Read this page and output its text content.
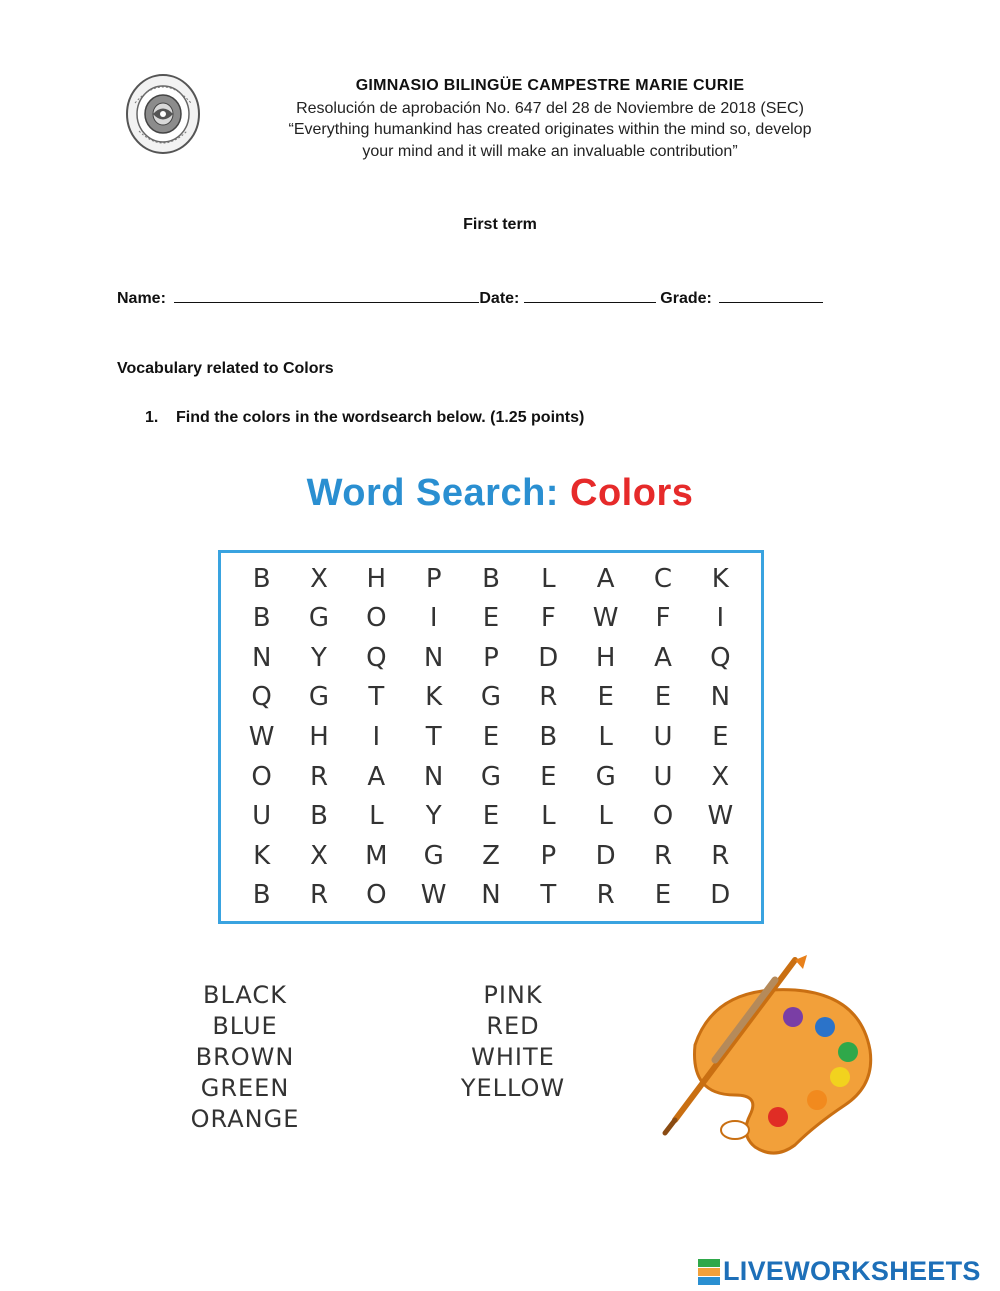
GIMNASIO BILINGÜE CAMPESTRE MARIE CURIE
Resolución de aprobación No. 647 del 28 de Noviembre de 2018 (SEC)
“Everything humankind has created originates within the mind so, develop
your mind and it will make an invaluable contribution”
First term
Name:	Date:	Grade:
Vocabulary related to Colors
1. Find the colors in the wordsearch below. (1.25 points)
Word Search: Colors
B	X	H	P	B	L	A	C	K
B	G	O	I	E	F	W	F	I
N	Y	Q	N	P	D	H	A	Q
Q	G	T	K	G	R	E	E	N
W	H	I	T	E	B	L	U	E
O	R	A	N	G	E	G	U	X
U	B	L	Y	E	L	L	O	W
K	X	M	G	Z	P	D	R	R
B	R	O	W	N	T	R	E	D
BLACK
BLUE
BROWN
GREEN
ORANGE
PINK
RED
WHITE
YELLOW
LIVEWORKSHEETS
